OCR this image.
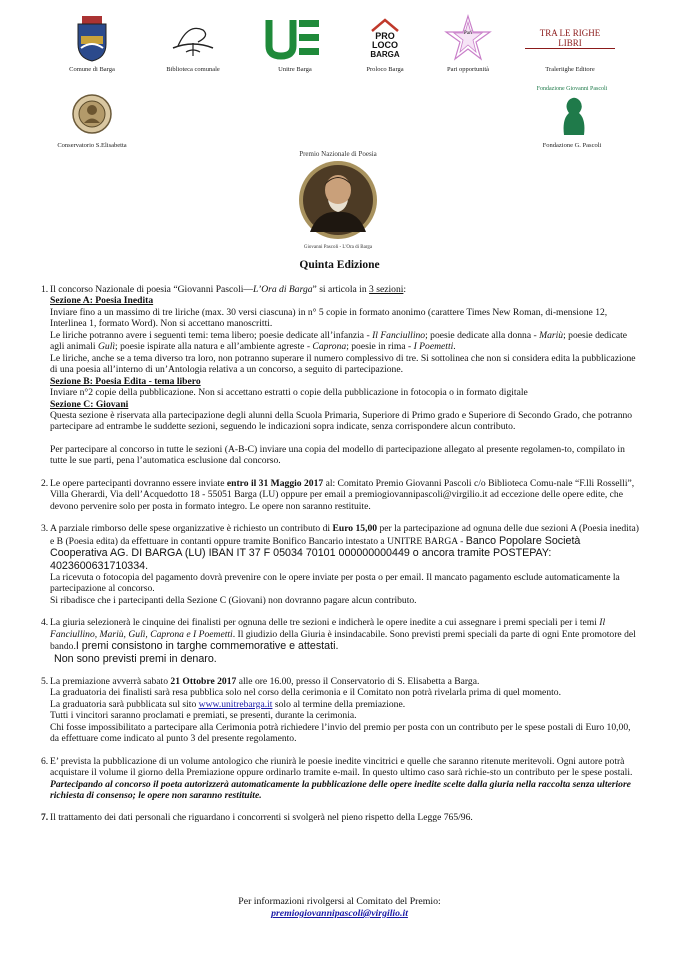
Comune di Barga	Biblioteca comunale	Unitre Barga
PRO
LOCO
BARGA
Proloco Barga
Pari
Pari opportunità
TRA LE RIGHE LIBRI
Traleriighe Editore
Conservatorio S.Elisabetta
Fondazione Giovanni Pascoli
Fondazione G. Pascoli
Premio Nazionale di Poesia
Giovanni Pascoli - L'Ora di Barga
Quinta Edizione
1. Il concorso Nazionale di poesia “Giovanni Pascoli—L’Ora di Barga” si articola in 3 sezioni:

Sezione A: Poesia Inedita

Inviare fino a un massimo di tre liriche (max. 30 versi ciascuna) in n° 5 copie in formato anonimo (carattere Times New Roman, di-mensione 12, Interlinea 1, formato Word). Non si accettano manoscritti.

Le liriche potranno avere i seguenti temi: tema libero; poesie dedicate all’infanzia - Il Fanciullino; poesie dedicate alla donna - Mariù; poesie dedicate agli animali Gulì; poesie ispirate alla natura e all’ambiente agreste - Caprona; poesie in rima - I Poemetti.

Le liriche, anche se a tema diverso tra loro, non potranno superare il numero complessivo di tre. Si sottolinea che non si considera edita la pubblicazione di una poesia all’interno di un’Antologia relativa a un concorso, a seguito di partecipazione.

Sezione B: Poesia Edita - tema libero

Inviare n°2 copie della pubblicazione. Non si accettano estratti o copie della pubblicazione in fotocopia o in formato digitale

Sezione C: Giovani

Questa sezione è riservata alla partecipazione degli alunni della Scuola Primaria, Superiore di Primo grado e Superiore di Secondo Grado, che potranno partecipare ad entrambe le suddette sezioni, seguendo le indicazioni sopra indicate, senza corrispondere alcun contributo.

Per partecipare al concorso in tutte le sezioni (A-B-C) inviare una copia del modello di partecipazione allegato al presente regolamen-to, compilato in tutte le sue parti, pena l’automatica esclusione dal concorso.

2. Le opere partecipanti dovranno essere inviate entro il 31 Maggio 2017 al: Comitato Premio Giovanni Pascoli c/o Biblioteca Comu-nale “F.lli Rosselli”, Villa Gherardi, Via dell’Acquedotto 18 - 55051 Barga (LU) oppure per email a premiogiovannipascoli@virgilio.it ad eccezione delle opere edite, che devono pervenire solo per posta in formato integro. Le opere non saranno restituite.

3. A parziale rimborso delle spese organizzative è richiesto un contributo di Euro 15,00 per la partecipazione ad ognuna delle due sezioni A (Poesia inedita) e B (Poesia edita) da effettuare in contanti oppure tramite Bonifico Bancario intestato a UNITRE BARGA - Banco Popolare Società Cooperativa AG. DI BARGA (LU) IBAN IT 37 F 05034 70101 000000000449 o ancora tramite POSTEPAY: 4023600631710334.

La ricevuta o fotocopia del pagamento dovrà prevenire con le opere inviate per posta o per email. Il mancato pagamento esclude automaticamente la partecipazione al concorso.

Si ribadisce che i partecipanti della Sezione C (Giovani) non dovranno pagare alcun contributo.

4. La giuria selezionerà le cinquine dei finalisti per ognuna delle tre sezioni e indicherà le opere inedite a cui assegnare i premi speciali per i temi Il Fanciullino, Mariù, Gulì, Caprona e I Poemetti. Il giudizio della Giuria è insindacabile. Sono previsti premi speciali da parte di ogni Ente promotore del bando.I premi consistono in targhe commemorative e attestati.

Non sono previsti premi in denaro.

5. La premiazione avverrà sabato 21 Ottobre 2017 alle ore 16.00, presso il Conservatorio di S. Elisabetta a Barga.

La graduatoria dei finalisti sarà resa pubblica solo nel corso della cerimonia e il Comitato non potrà rivelarla prima di quel momento.

La graduatoria sarà pubblicata sul sito www.unitrebarga.it solo al termine della premiazione.

Tutti i vincitori saranno proclamati e premiati, se presenti, durante la cerimonia.

Chi fosse impossibilitato a partecipare alla Cerimonia potrà richiedere l’invio del premio per posta con un contributo per le spese postali di Euro 10,00, da effettuare come indicato al punto 3 del presente regolamento.

6. E’ prevista la pubblicazione di un volume antologico che riunirà le poesie inedite vincitrici e quelle che saranno ritenute meritevoli. Ogni autore potrà acquistare il volume il giorno della Premiazione oppure ordinarlo tramite e-mail. In questo ultimo caso sarà richie-sto un contributo per le spese postali.

Partecipando al concorso il poeta autorizzerà automaticamente la pubblicazione delle opere inedite scelte dalla giuria nella raccolta senza ulteriore richiesta di consenso; le opere non saranno restituite.

7. Il trattamento dei dati personali che riguardano i concorrenti si svolgerà nel pieno rispetto della Legge 765/96.

Per informazioni rivolgersi al Comitato del Premio:
premiogiovannipascoli@virgilio.it
